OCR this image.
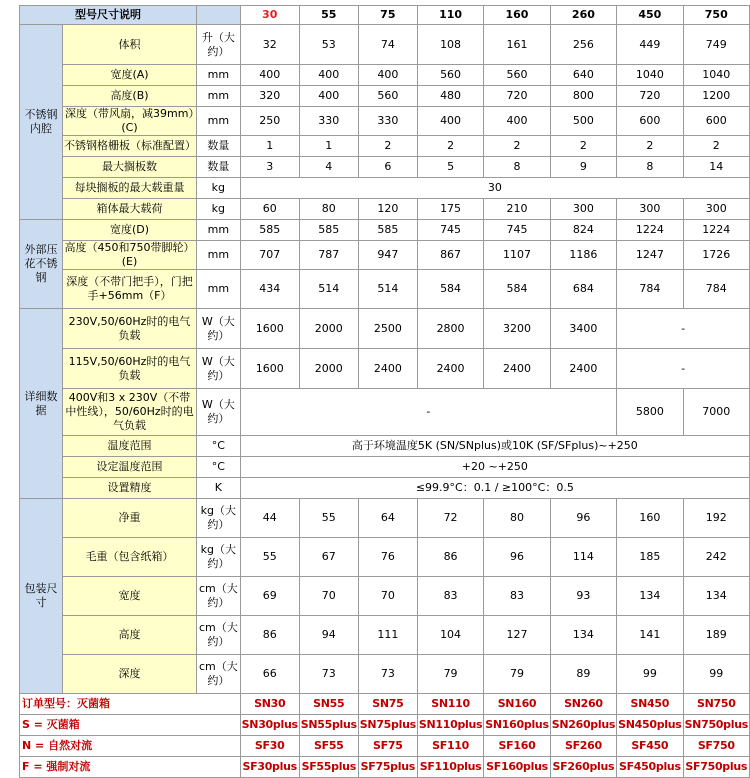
型号尺寸说明			30	55	75	110	160	260	450	750
不锈钢内腔	体积	升（大约）	32	53	74	108	161	256	449	749
	宽度(A)	mm	400	400	400	560	560	640	1040	1040
	高度(B)	mm	320	400	560	480	720	800	720	1200
	深度（带风扇，减39mm）(C)	mm	250	330	330	400	400	500	600	600
	不锈钢格栅板（标准配置）	数量	1	1	2	2	2	2	2	2
	最大搁板数	数量	3	4	6	5	8	9	8	14
	每块搁板的最大载重量	kg	30							
	箱体最大载荷	kg	60	80	120	175	210	300	300	300
外部压花不锈钢	宽度(D)	mm	585	585	585	745	745	824	1224	1224
	高度（450和750带脚轮）(E)	mm	707	787	947	867	1107	1186	1247	1726
	深度（不带门把手），门把手+56mm（F）	mm	434	514	514	584	584	684	784	784
详细数据	230V,50/60Hz时的电气负载	W（大约）	1600	2000	2500	2800	3200	3400	-	
	115V,50/60Hz时的电气负载	W（大约）	1600	2000	2400	2400	2400	2400	-	
	400V和3 x 230V（不带中性线），50/60Hz时的电气负载	W（大约）	-						5800	7000
	温度范围	°C	高于环境温度5K (SN/SNplus)或10K (SF/SFplus)~+250							
	设定温度范围	°C	+20 ~+250							
	设置精度	K	≤99.9°C：0.1 / ≥100°C：0.5							
包装尺寸	净重	kg（大约）	44	55	64	72	80	96	160	192
	毛重（包含纸箱）	kg（大约）	55	67	76	86	96	114	185	242
	宽度	cm（大约）	69	70	70	83	83	93	134	134
	高度	cm（大约）	86	94	111	104	127	134	141	189
	深度	cm（大约）	66	73	73	79	79	89	99	99
订单型号：灭菌箱			SN30	SN55	SN75	SN110	SN160	SN260	SN450	SN750
S = 灭菌箱			SN30plus	SN55plus	SN75plus	SN110plus	SN160plus	SN260plus	SN450plus	SN750plus
N = 自然对流			SF30	SF55	SF75	SF110	SF160	SF260	SF450	SF750
F = 强制对流			SF30plus	SF55plus	SF75plus	SF110plus	SF160plus	SF260plus	SF450plus	SF750plus
